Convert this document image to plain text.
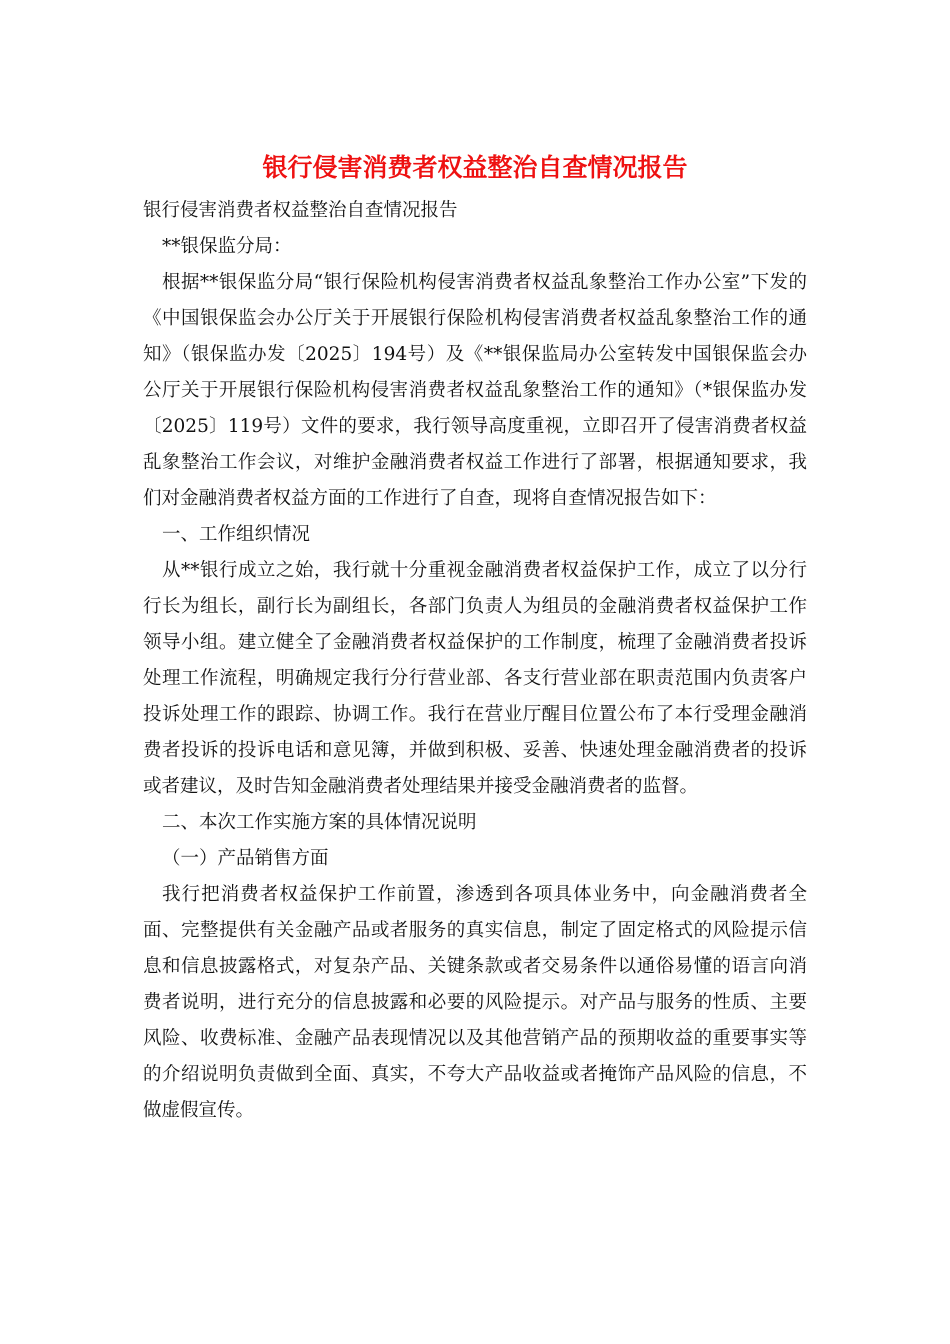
银行侵害消费者权益整治自查情况报告

银行侵害消费者权益整治自查情况报告

**银保监分局：

根据**银保监分局“银行保险机构侵害消费者权益乱象整治工作办公室”下发的《中国银保监会办公厅关于开展银行保险机构侵害消费者权益乱象整治工作的通知》（银保监办发〔2025〕194号）及《**银保监局办公室转发中国银保监会办公厅关于开展银行保险机构侵害消费者权益乱象整治工作的通知》（*银保监办发〔2025〕119号）文件的要求，我行领导高度重视，立即召开了侵害消费者权益乱象整治工作会议，对维护金融消费者权益工作进行了部署，根据通知要求，我们对金融消费者权益方面的工作进行了自查，现将自查情况报告如下：

一、工作组织情况

从**银行成立之始，我行就十分重视金融消费者权益保护工作，成立了以分行行长为组长，副行长为副组长，各部门负责人为组员的金融消费者权益保护工作领导小组。建立健全了金融消费者权益保护的工作制度，梳理了金融消费者投诉处理工作流程，明确规定我行分行营业部、各支行营业部在职责范围内负责客户投诉处理工作的跟踪、协调工作。我行在营业厅醒目位置公布了本行受理金融消费者投诉的投诉电话和意见簿，并做到积极、妥善、快速处理金融消费者的投诉或者建议，及时告知金融消费者处理结果并接受金融消费者的监督。

二、本次工作实施方案的具体情况说明

（一）产品销售方面

我行把消费者权益保护工作前置，渗透到各项具体业务中，向金融消费者全面、完整提供有关金融产品或者服务的真实信息，制定了固定格式的风险提示信息和信息披露格式，对复杂产品、关键条款或者交易条件以通俗易懂的语言向消费者说明，进行充分的信息披露和必要的风险提示。对产品与服务的性质、主要风险、收费标准、金融产品表现情况以及其他营销产品的预期收益的重要事实等的介绍说明负责做到全面、真实，不夸大产品收益或者掩饰产品风险的信息，不做虚假宣传。
